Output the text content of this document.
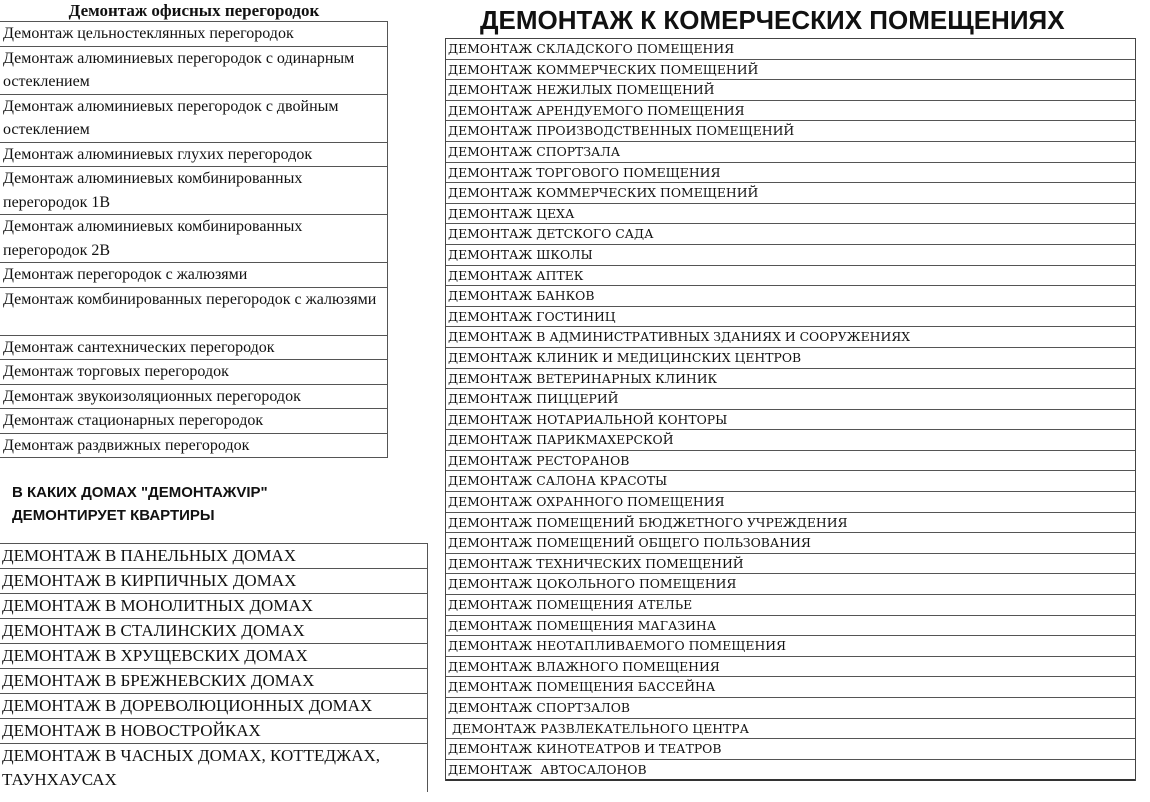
Демонтаж офисных перегородок
Демонтаж цельностеклянных перегородок
Демонтаж алюминиевых перегородок с одинарным остеклением
Демонтаж алюминиевых перегородок с двойным остеклением
Демонтаж алюминиевых глухих перегородок
Демонтаж алюминиевых комбинированных перегородок 1В
Демонтаж алюминиевых комбинированных перегородок 2В
Демонтаж перегородок с жалюзями
Демонтаж комбинированных перегородок с жалюзями
Демонтаж сантехнических перегородок
Демонтаж торговых перегородок
Демонтаж звукоизоляционных перегородок
Демонтаж стационарных перегородок
Демонтаж раздвижных перегородок
В КАКИХ ДОМАХ "ДЕМОНТАЖVIP" ДЕМОНТИРУЕТ КВАРТИРЫ
ДЕМОНТАЖ В ПАНЕЛЬНЫХ ДОМАХ
ДЕМОНТАЖ В КИРПИЧНЫХ ДОМАХ
ДЕМОНТАЖ В МОНОЛИТНЫХ ДОМАХ
ДЕМОНТАЖ В СТАЛИНСКИХ ДОМАХ
ДЕМОНТАЖ В ХРУЩЕВСКИХ ДОМАХ
ДЕМОНТАЖ В БРЕЖНЕВСКИХ ДОМАХ
ДЕМОНТАЖ В ДОРЕВОЛЮЦИОННЫХ ДОМАХ
ДЕМОНТАЖ В НОВОСТРОЙКАХ
ДЕМОНТАЖ В ЧАСНЫХ ДОМАХ, КОТТЕДЖАХ, ТАУНХАУСАХ
ДЕМОНТАЖ К КОМЕРЧЕСКИХ ПОМЕЩЕНИЯХ
ДЕМОНТАЖ СКЛАДСКОГО ПОМЕЩЕНИЯ
ДЕМОНТАЖ КОММЕРЧЕСКИХ ПОМЕЩЕНИЙ
ДЕМОНТАЖ НЕЖИЛЫХ ПОМЕЩЕНИЙ
ДЕМОНТАЖ АРЕНДУЕМОГО ПОМЕЩЕНИЯ
ДЕМОНТАЖ ПРОИЗВОДСТВЕННЫХ ПОМЕЩЕНИЙ
ДЕМОНТАЖ СПОРТЗАЛА
ДЕМОНТАЖ ТОРГОВОГО ПОМЕЩЕНИЯ
ДЕМОНТАЖ КОММЕРЧЕСКИХ ПОМЕЩЕНИЙ
ДЕМОНТАЖ ЦЕХА
ДЕМОНТАЖ ДЕТСКОГО САДА
ДЕМОНТАЖ ШКОЛЫ
ДЕМОНТАЖ АПТЕК
ДЕМОНТАЖ БАНКОВ
ДЕМОНТАЖ ГОСТИНИЦ
ДЕМОНТАЖ В АДМИНИСТРАТИВНЫХ ЗДАНИЯХ И СООРУЖЕНИЯХ
ДЕМОНТАЖ КЛИНИК И МЕДИЦИНСКИХ ЦЕНТРОВ
ДЕМОНТАЖ ВЕТЕРИНАРНЫХ КЛИНИК
ДЕМОНТАЖ ПИЦЦЕРИЙ
ДЕМОНТАЖ НОТАРИАЛЬНОЙ КОНТОРЫ
ДЕМОНТАЖ ПАРИКМАХЕРСКОЙ
ДЕМОНТАЖ РЕСТОРАНОВ
ДЕМОНТАЖ САЛОНА КРАСОТЫ
ДЕМОНТАЖ ОХРАННОГО ПОМЕЩЕНИЯ
ДЕМОНТАЖ ПОМЕЩЕНИЙ БЮДЖЕТНОГО УЧРЕЖДЕНИЯ
ДЕМОНТАЖ ПОМЕЩЕНИЙ ОБЩЕГО ПОЛЬЗОВАНИЯ
ДЕМОНТАЖ ТЕХНИЧЕСКИХ ПОМЕЩЕНИЙ
ДЕМОНТАЖ ЦОКОЛЬНОГО ПОМЕЩЕНИЯ
ДЕМОНТАЖ ПОМЕЩЕНИЯ АТЕЛЬЕ
ДЕМОНТАЖ ПОМЕЩЕНИЯ МАГАЗИНА
ДЕМОНТАЖ НЕОТАПЛИВАЕМОГО ПОМЕЩЕНИЯ
ДЕМОНТАЖ ВЛАЖНОГО ПОМЕЩЕНИЯ
ДЕМОНТАЖ ПОМЕЩЕНИЯ БАССЕЙНА
ДЕМОНТАЖ СПОРТЗАЛОВ
ДЕМОНТАЖ РАЗВЛЕКАТЕЛЬНОГО ЦЕНТРА
ДЕМОНТАЖ КИНОТЕАТРОВ И ТЕАТРОВ
ДЕМОНТАЖ  АВТОСАЛОНОВ
